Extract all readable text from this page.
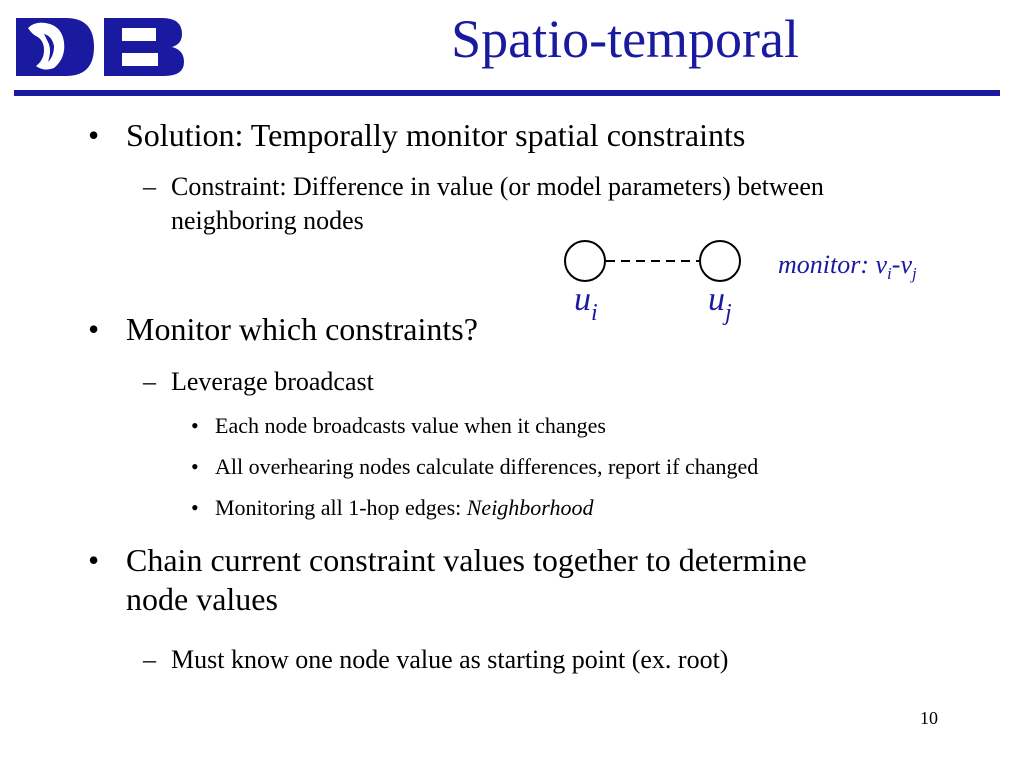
Spatio-temporal
• Solution: Temporally monitor spatial constraints
– Constraint: Difference in value (or model parameters) between neighboring nodes
$u_i$	$u_j$
monitor: $v_i-v_j$
• Monitor which constraints?
– Leverage broadcast
• Each node broadcasts value when it changes
• All overhearing nodes calculate differences, report if changed
• Monitoring all 1-hop edges: Neighborhood
• Chain current constraint values together to determine node values
– Must know one node value as starting point (ex. root)
10
